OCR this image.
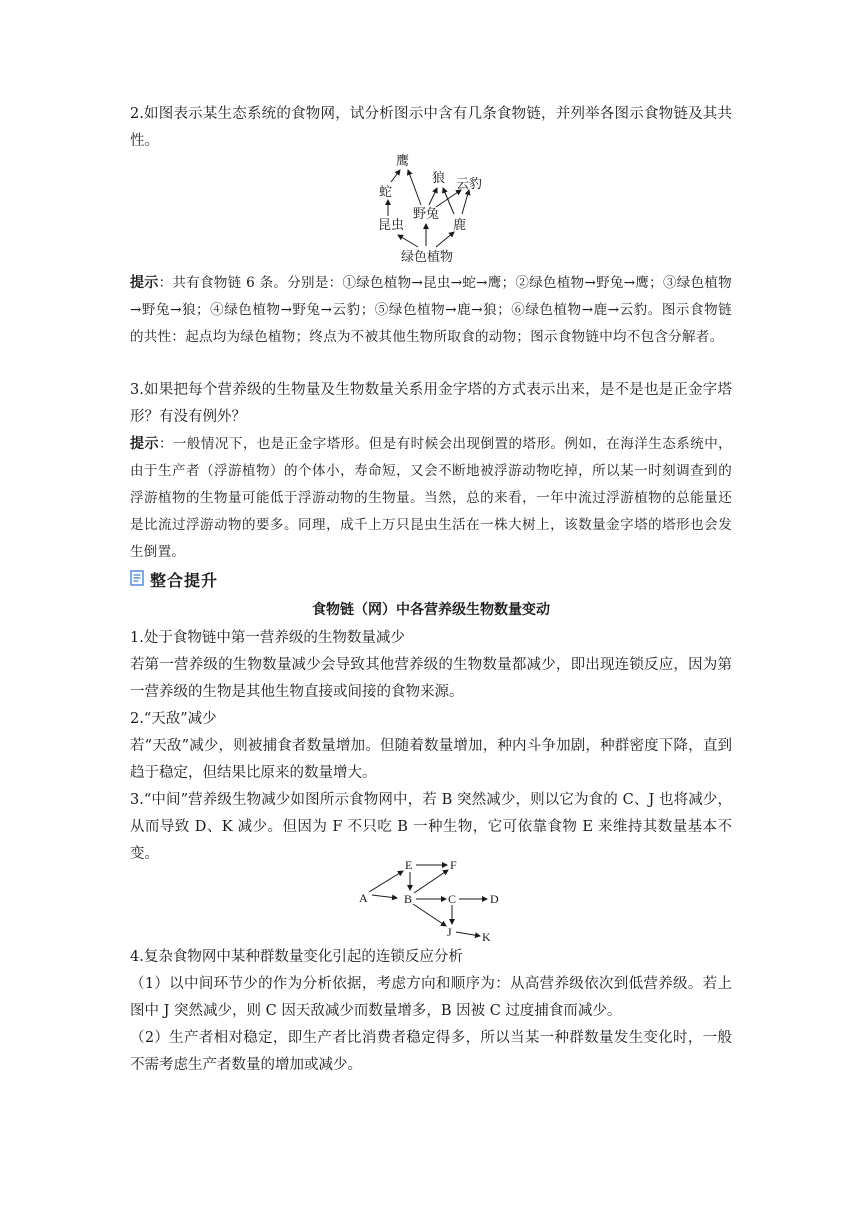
2.如图表示某生态系统的食物网，试分析图示中含有几条食物链，并列举各图示食物链及其共性。

鹰
狼 云豹
蛇
野兔
昆虫	鹿
绿色植物

提示：共有食物链 6 条。分别是：①绿色植物→昆虫→蛇→鹰；②绿色植物→野兔→鹰；③绿色植物→野兔→狼；④绿色植物→野兔→云豹；⑤绿色植物→鹿→狼；⑥绿色植物→鹿→云豹。图示食物链的共性：起点均为绿色植物；终点为不被其他生物所取食的动物；图示食物链中均不包含分解者。

3.如果把每个营养级的生物量及生物数量关系用金字塔的方式表示出来，是不是也是正金字塔形？有没有例外？

提示：一般情况下，也是正金字塔形。但是有时候会出现倒置的塔形。例如，在海洋生态系统中，由于生产者（浮游植物）的个体小，寿命短，又会不断地被浮游动物吃掉，所以某一时刻调查到的浮游植物的生物量可能低于浮游动物的生物量。当然，总的来看，一年中流过浮游植物的总能量还是比流过浮游动物的要多。同理，成千上万只昆虫生活在一株大树上，该数量金字塔的塔形也会发生倒置。

整合提升
食物链（网）中各营养级生物数量变动

1.处于食物链中第一营养级的生物数量减少

若第一营养级的生物数量减少会导致其他营养级的生物数量都减少，即出现连锁反应，因为第一营养级的生物是其他生物直接或间接的食物来源。

2.“天敌”减少

若“天敌”减少，则被捕食者数量增加。但随着数量增加，种内斗争加剧，种群密度下降，直到趋于稳定，但结果比原来的数量增大。

3.“中间”营养级生物减少如图所示食物网中，若 B 突然减少，则以它为食的 C、J 也将减少，从而导致 D、K 减少。但因为 F 不只吃 B 一种生物，它可依靠食物 E 来维持其数量基本不变。

A
E	F
B	C	D
J	K

4.复杂食物网中某种群数量变化引起的连锁反应分析

（1）以中间环节少的作为分析依据，考虑方向和顺序为：从高营养级依次到低营养级。若上图中 J 突然减少，则 C 因天敌减少而数量增多，B 因被 C 过度捕食而减少。

（2）生产者相对稳定，即生产者比消费者稳定得多，所以当某一种群数量发生变化时，一般不需考虑生产者数量的增加或减少。
